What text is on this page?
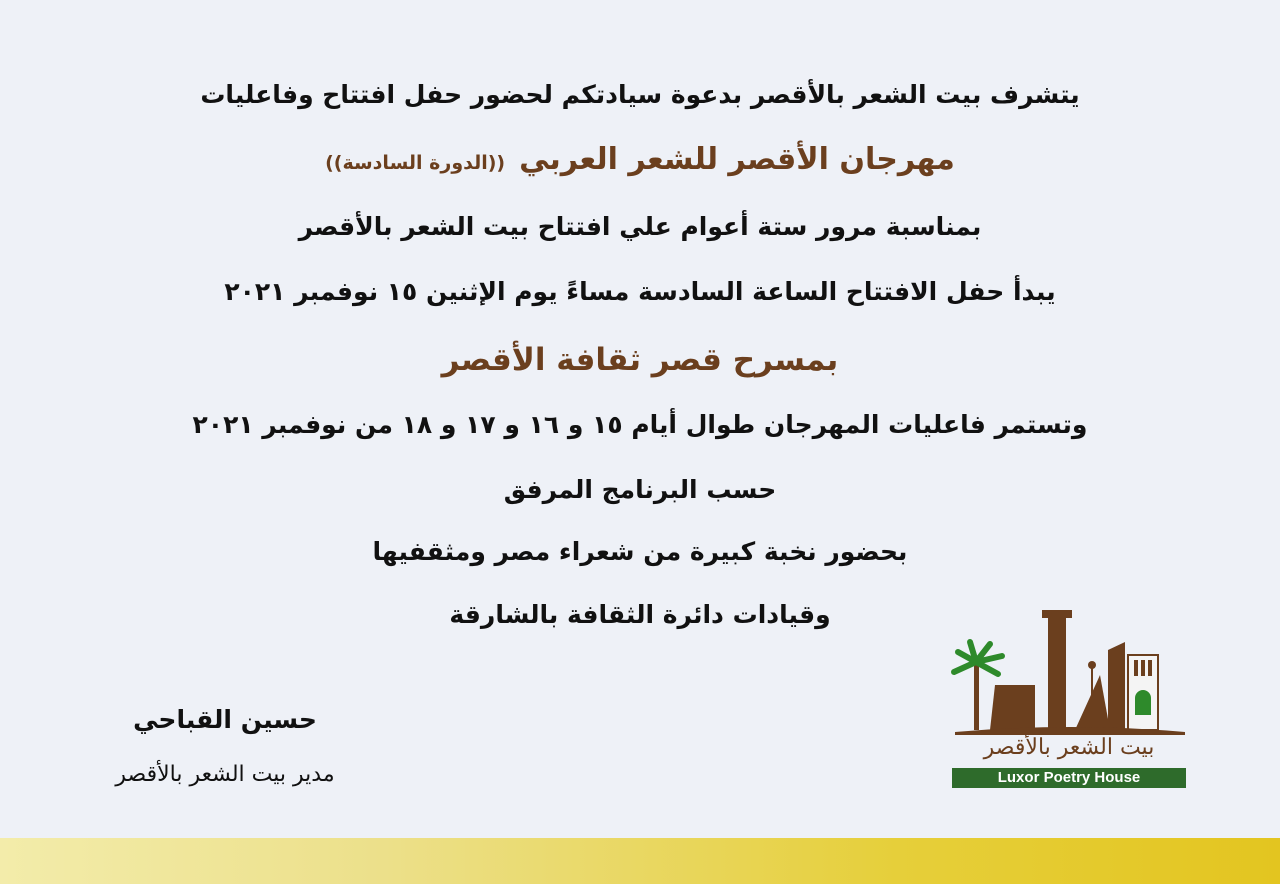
يتشرف بيت الشعر بالأقصر بدعوة سيادتكم لحضور حفل افتتاح وفاعليات
مهرجان الأقصر للشعر العربي((الدورة السادسة))
بمناسبة مرور ستة أعوام علي افتتاح بيت الشعر بالأقصر
يبدأ حفل الافتتاح الساعة السادسة مساءً يوم الإثنين ١٥ نوفمبر ٢٠٢١
بمسرح قصر ثقافة الأقصر
وتستمر فاعليات المهرجان طوال أيام ١٥ و ١٦ و ١٧ و ١٨ من نوفمبر ٢٠٢١
حسب البرنامج المرفق
بحضور نخبة كبيرة من شعراء مصر ومثقفيها
وقيادات دائرة الثقافة بالشارقة
حسين القباحي
مدير بيت الشعر بالأقصر
بيت الشعر بالأقصر
Luxor Poetry House
